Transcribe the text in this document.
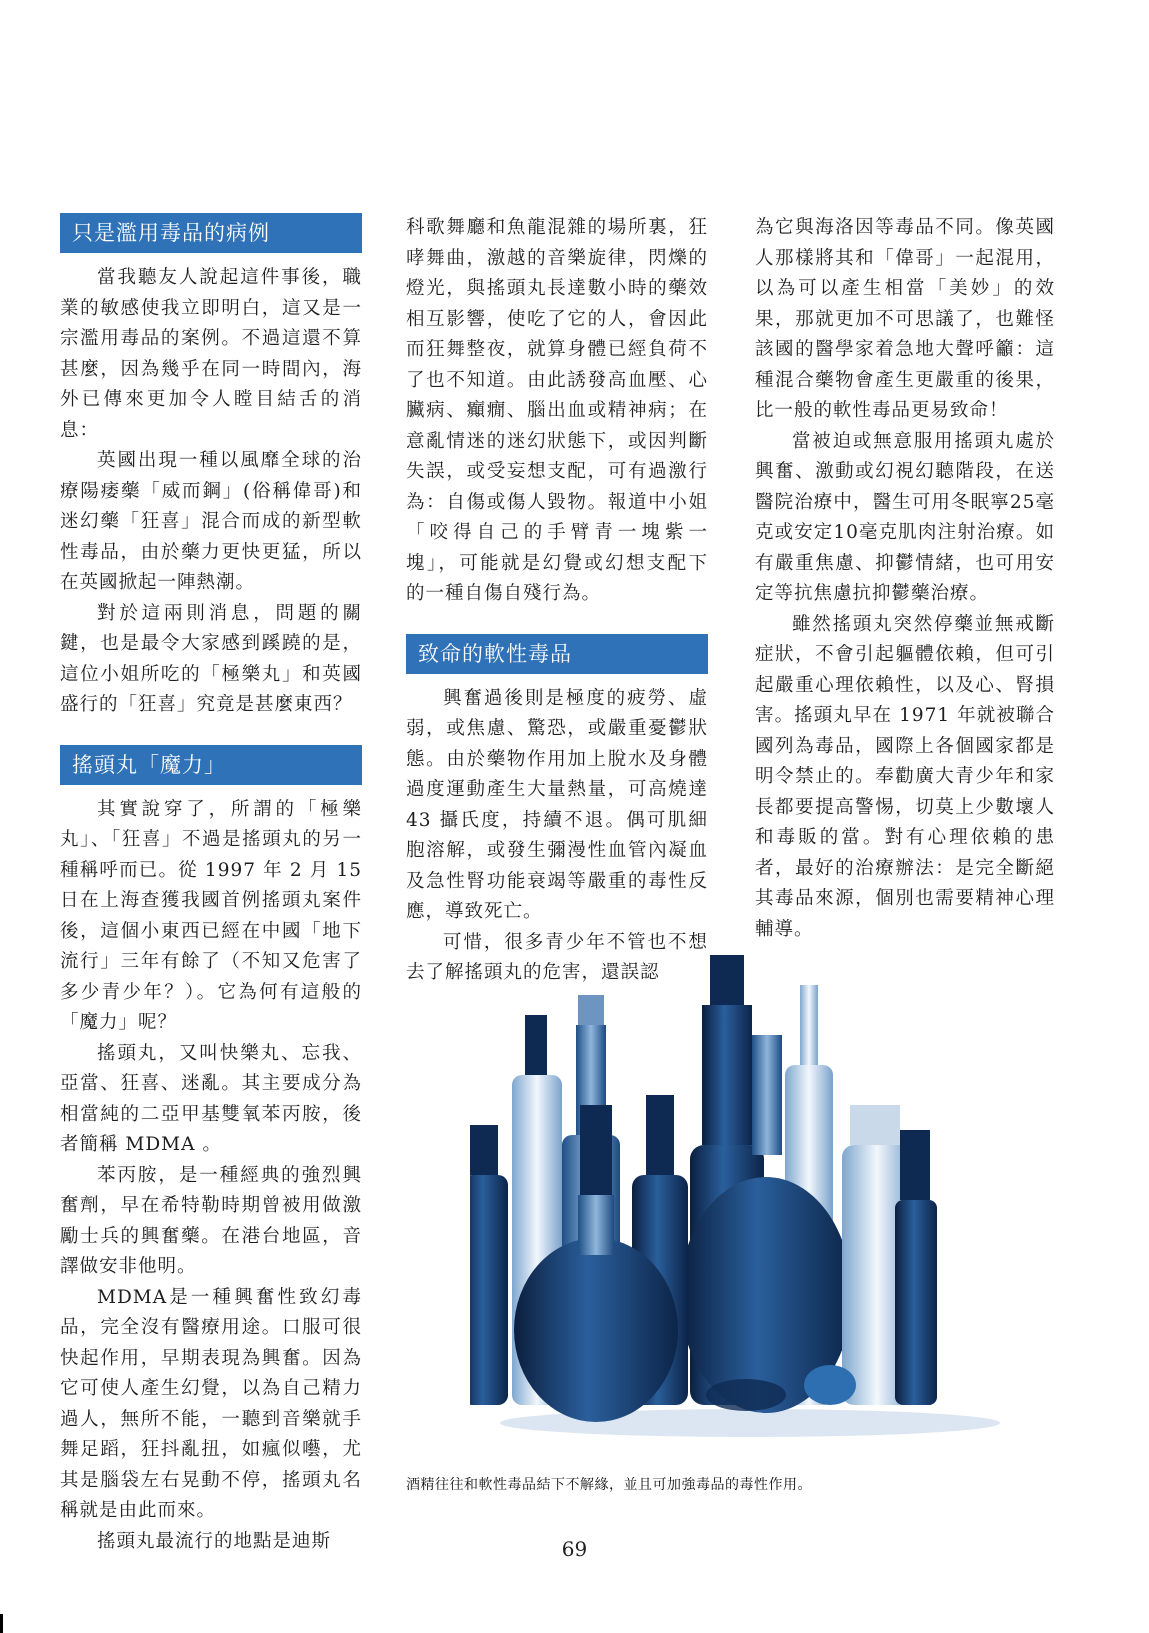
只是濫用毒品的病例

當我聽友人說起這件事後，職業的敏感使我立即明白，這又是一宗濫用毒品的案例。不過這還不算甚麼，因為幾乎在同一時間內，海外已傳來更加令人瞠目結舌的消息：

英國出現一種以風靡全球的治療陽痿藥「威而鋼」(俗稱偉哥)和迷幻藥「狂喜」混合而成的新型軟性毒品，由於藥力更快更猛，所以在英國掀起一陣熱潮。

對於這兩則消息，問題的關鍵，也是最令大家感到蹊蹺的是，這位小姐所吃的「極樂丸」和英國盛行的「狂喜」究竟是甚麼東西？

搖頭丸「魔力」

其實說穿了，所謂的「極樂丸」、「狂喜」不過是搖頭丸的另一種稱呼而已。從 1997 年 2 月 15 日在上海查獲我國首例搖頭丸案件後，這個小東西已經在中國「地下流行」三年有餘了（不知又危害了多少青少年？）。它為何有這般的「魔力」呢？

搖頭丸，又叫快樂丸、忘我、亞當、狂喜、迷亂。其主要成分為相當純的二亞甲基雙氧苯丙胺，後者簡稱 MDMA 。

苯丙胺，是一種經典的強烈興奮劑，早在希特勒時期曾被用做激勵士兵的興奮藥。在港台地區，音譯做安非他明。

MDMA是一種興奮性致幻毒品，完全沒有醫療用途。口服可很快起作用，早期表現為興奮。因為它可使人產生幻覺，以為自己精力過人，無所不能，一聽到音樂就手舞足蹈，狂抖亂扭，如瘋似囈，尤其是腦袋左右晃動不停，搖頭丸名稱就是由此而來。

搖頭丸最流行的地點是迪斯

科歌舞廳和魚龍混雜的場所裏，狂哮舞曲，激越的音樂旋律，閃爍的燈光，與搖頭丸長達數小時的藥效相互影響，使吃了它的人，會因此而狂舞整夜，就算身體已經負荷不了也不知道。由此誘發高血壓、心臟病、癲癇、腦出血或精神病；在意亂情迷的迷幻狀態下，或因判斷失誤，或受妄想支配，可有過激行為：自傷或傷人毀物。報道中小姐「咬得自己的手臂青一塊紫一塊」，可能就是幻覺或幻想支配下的一種自傷自殘行為。

致命的軟性毒品

興奮過後則是極度的疲勞、虛弱，或焦慮、驚恐，或嚴重憂鬱狀態。由於藥物作用加上脫水及身體過度運動產生大量熱量，可高燒達 43 攝氏度，持續不退。偶可肌細胞溶解，或發生彌漫性血管內凝血及急性腎功能衰竭等嚴重的毒性反應，導致死亡。

可惜，很多青少年不管也不想去了解搖頭丸的危害，還誤認

為它與海洛因等毒品不同。像英國人那樣將其和「偉哥」一起混用，以為可以產生相當「美妙」的效果，那就更加不可思議了，也難怪該國的醫學家着急地大聲呼籲：這種混合藥物會產生更嚴重的後果，比一般的軟性毒品更易致命！

當被迫或無意服用搖頭丸處於興奮、激動或幻視幻聽階段，在送醫院治療中，醫生可用冬眠寧25毫克或安定10毫克肌肉注射治療。如有嚴重焦慮、抑鬱情緒，也可用安定等抗焦慮抗抑鬱藥治療。

雖然搖頭丸突然停藥並無戒斷症狀，不會引起軀體依賴，但可引起嚴重心理依賴性，以及心、腎損害。搖頭丸早在 1971 年就被聯合國列為毒品，國際上各個國家都是明令禁止的。奉勸廣大青少年和家長都要提高警惕，切莫上少數壞人和毒販的當。對有心理依賴的患者，最好的治療辦法：是完全斷絕其毒品來源，個別也需要精神心理輔導。

酒精往往和軟性毒品結下不解緣，並且可加強毒品的毒性作用。
69
